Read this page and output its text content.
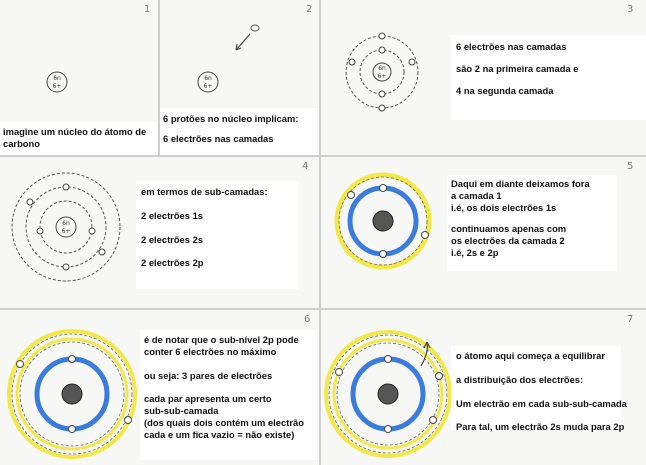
1
6n
6+

imagine um núcleo do átomo de

carbono

2
6n
6+

6 protões no núcleo implicam:

6 electrões nas camadas

3
6n
6+

6 electrões nas camadas

são 2 na primeira camada e

4 na segunda camada

4
6n
6+

em termos de sub-camadas:

2 electrões 1s

2 electrões 2s

2 electrões 2p

5

Daqui em diante deixamos fora

a camada 1

i.é, os dois electrões 1s

continuamos apenas com

os electrões da camada 2

i.é, 2s e 2p

6

é de notar que o sub-nível 2p pode

conter 6 electrões no máximo

ou seja: 3 pares de electrões

cada par apresenta um certo

sub-sub-camada

(dos quais dois contém um electrão

cada e um fica vazio = não existe)

7

o átomo aqui começa a equilibrar

a distribuição dos electrões:

Um electrão em cada sub-sub-camada

Para tal, um electrão 2s muda para 2p
